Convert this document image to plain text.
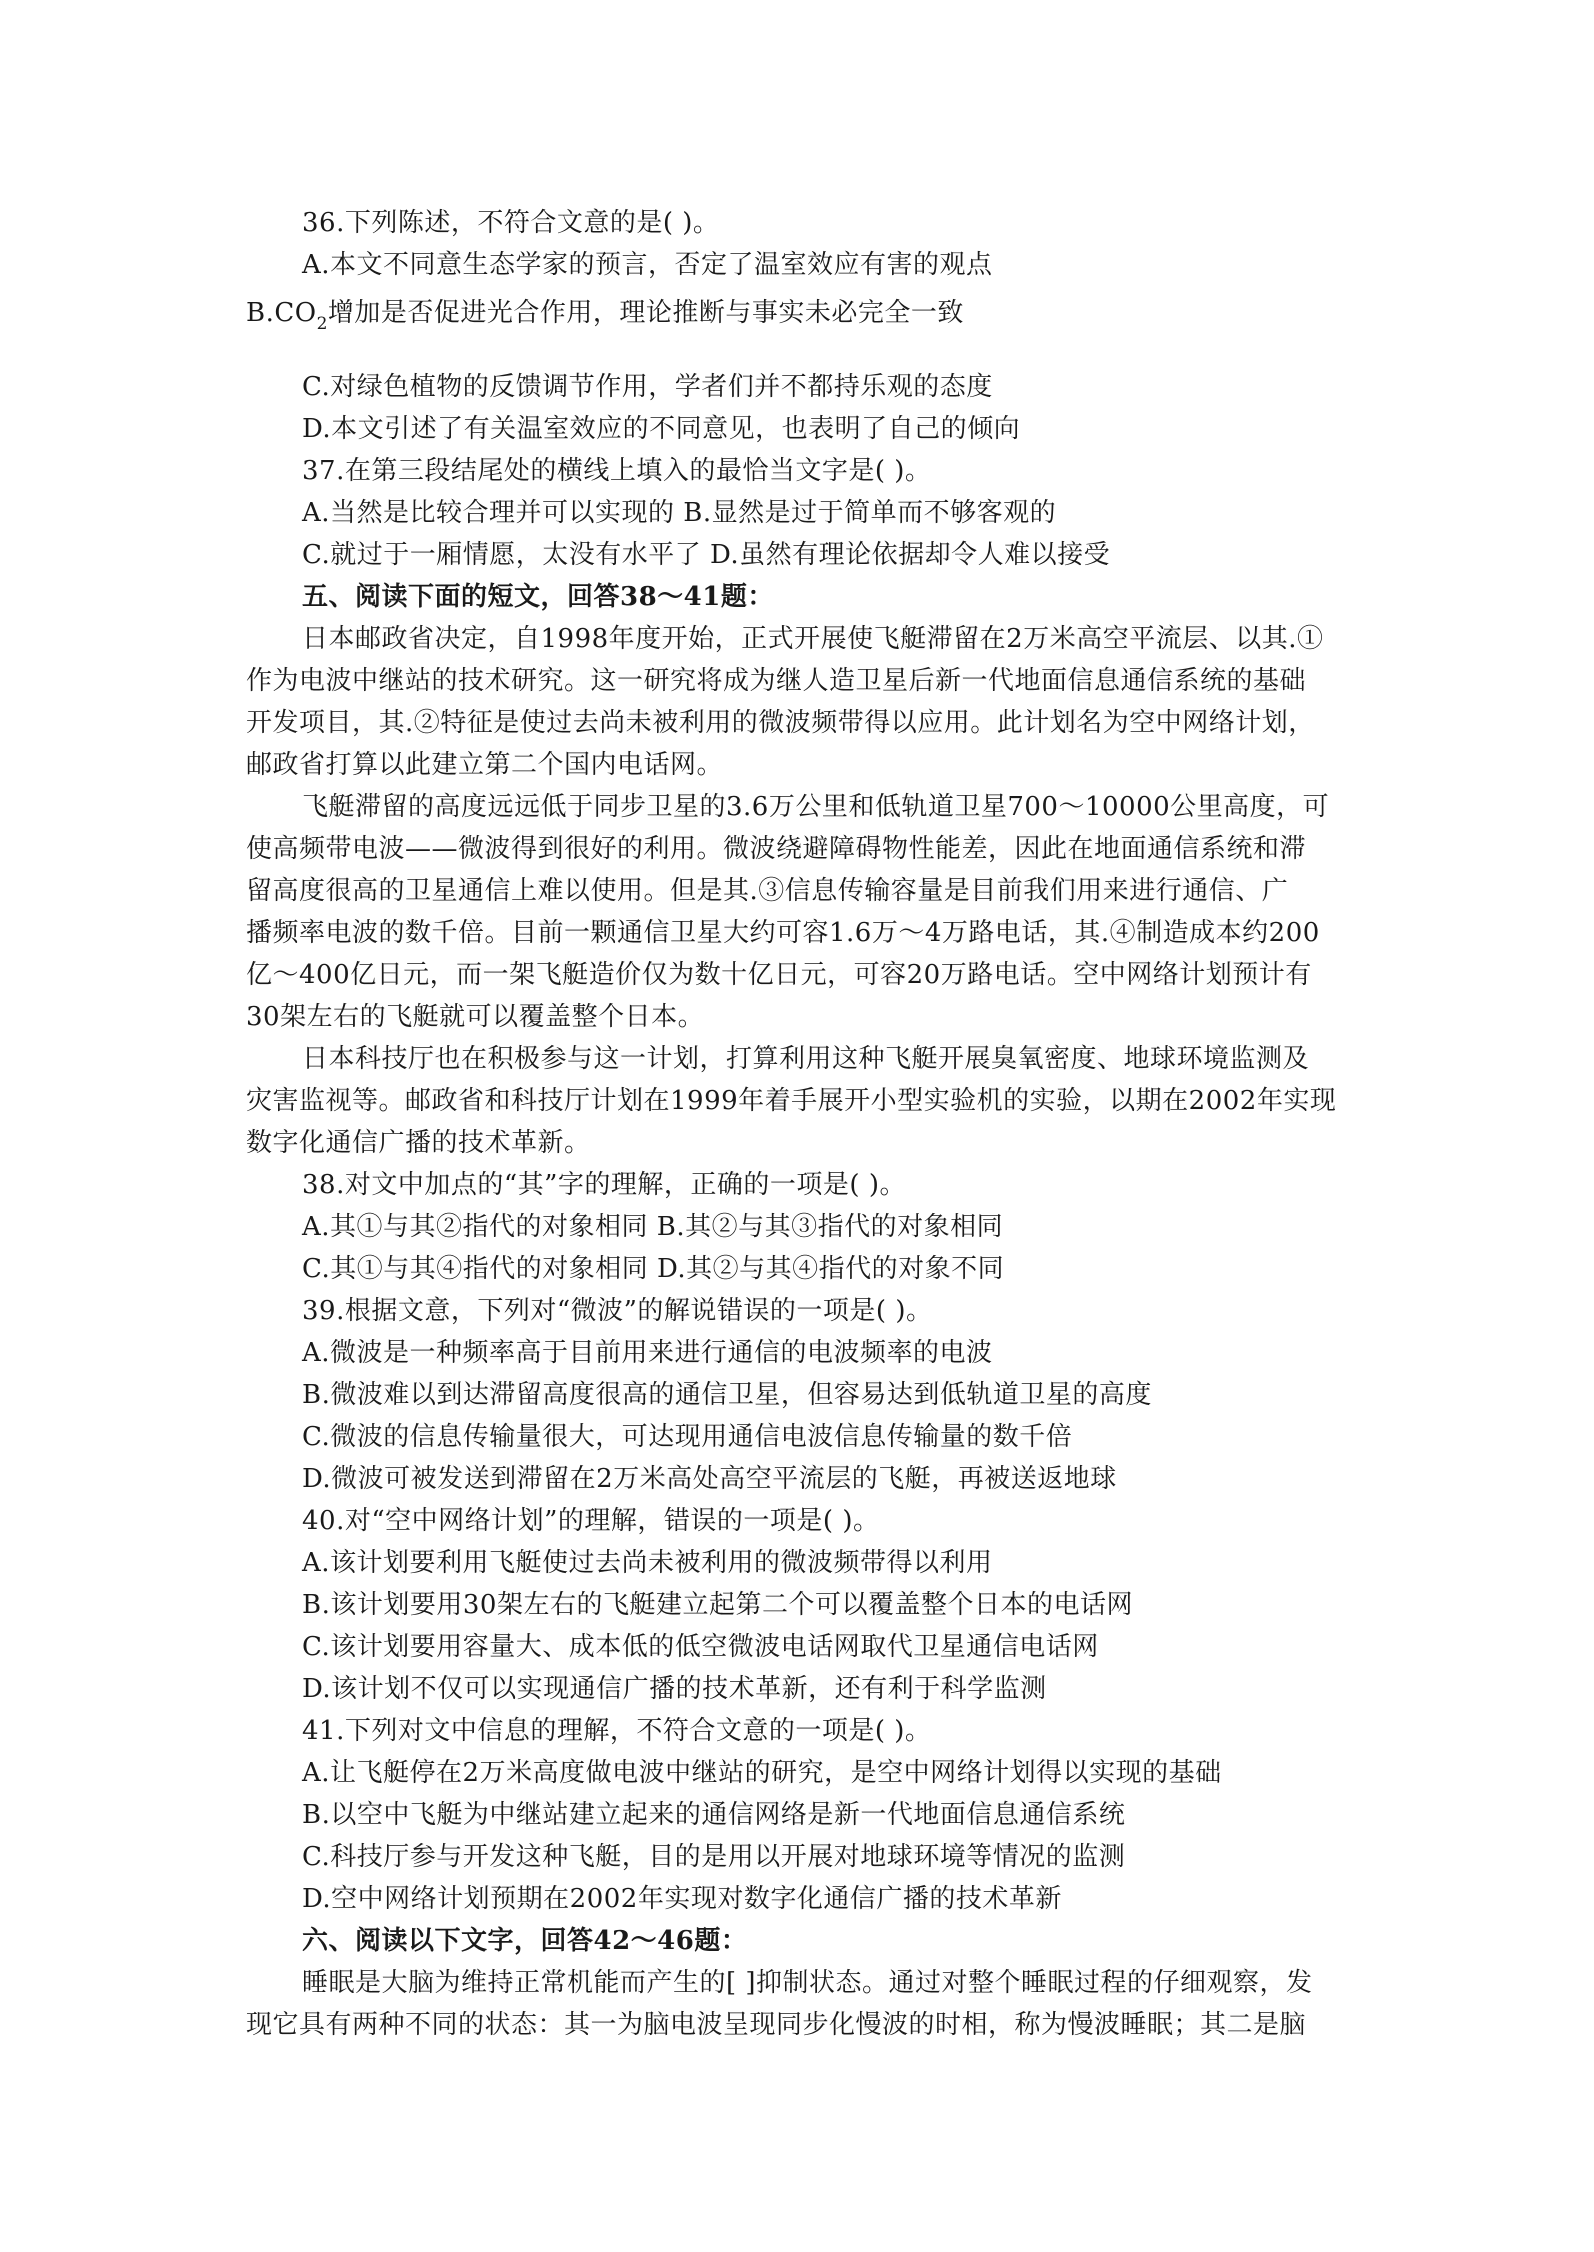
36.下列陈述，不符合文意的是( )。
A.本文不同意生态学家的预言，否定了温室效应有害的观点
$B.CO_2$增加是否促进光合作用，理论推断与事实未必完全一致
C.对绿色植物的反馈调节作用，学者们并不都持乐观的态度
D.本文引述了有关温室效应的不同意见，也表明了自己的倾向
37.在第三段结尾处的横线上填入的最恰当文字是( )。
A.当然是比较合理并可以实现的 B.显然是过于简单而不够客观的
C.就过于一厢情愿，太没有水平了 D.虽然有理论依据却令人难以接受
五、阅读下面的短文，回答38～41题：
日本邮政省决定，自1998年度开始，正式开展使飞艇滞留在2万米高空平流层、以其.①
作为电波中继站的技术研究。这一研究将成为继人造卫星后新一代地面信息通信系统的基础
开发项目，其.②特征是使过去尚未被利用的微波频带得以应用。此计划名为空中网络计划，
邮政省打算以此建立第二个国内电话网。
飞艇滞留的高度远远低于同步卫星的3.6万公里和低轨道卫星700～10000公里高度，可
使高频带电波——微波得到很好的利用。微波绕避障碍物性能差，因此在地面通信系统和滞
留高度很高的卫星通信上难以使用。但是其.③信息传输容量是目前我们用来进行通信、广
播频率电波的数千倍。目前一颗通信卫星大约可容1.6万～4万路电话，其.④制造成本约200
亿～400亿日元，而一架飞艇造价仅为数十亿日元，可容20万路电话。空中网络计划预计有
30架左右的飞艇就可以覆盖整个日本。
日本科技厅也在积极参与这一计划，打算利用这种飞艇开展臭氧密度、地球环境监测及
灾害监视等。邮政省和科技厅计划在1999年着手展开小型实验机的实验，以期在2002年实现
数字化通信广播的技术革新。
38.对文中加点的“其”字的理解，正确的一项是( )。
A.其①与其②指代的对象相同 B.其②与其③指代的对象相同
C.其①与其④指代的对象相同 D.其②与其④指代的对象不同
39.根据文意，下列对“微波”的解说错误的一项是( )。
A.微波是一种频率高于目前用来进行通信的电波频率的电波
B.微波难以到达滞留高度很高的通信卫星，但容易达到低轨道卫星的高度
C.微波的信息传输量很大，可达现用通信电波信息传输量的数千倍
D.微波可被发送到滞留在2万米高处高空平流层的飞艇，再被送返地球
40.对“空中网络计划”的理解，错误的一项是( )。
A.该计划要利用飞艇使过去尚未被利用的微波频带得以利用
B.该计划要用30架左右的飞艇建立起第二个可以覆盖整个日本的电话网
C.该计划要用容量大、成本低的低空微波电话网取代卫星通信电话网
D.该计划不仅可以实现通信广播的技术革新，还有利于科学监测
41.下列对文中信息的理解，不符合文意的一项是( )。
A.让飞艇停在2万米高度做电波中继站的研究，是空中网络计划得以实现的基础
B.以空中飞艇为中继站建立起来的通信网络是新一代地面信息通信系统
C.科技厅参与开发这种飞艇，目的是用以开展对地球环境等情况的监测
D.空中网络计划预期在2002年实现对数字化通信广播的技术革新
六、阅读以下文字，回答42～46题：
睡眠是大脑为维持正常机能而产生的[ ]抑制状态。通过对整个睡眠过程的仔细观察，发
现它具有两种不同的状态：其一为脑电波呈现同步化慢波的时相，称为慢波睡眠；其二是脑
